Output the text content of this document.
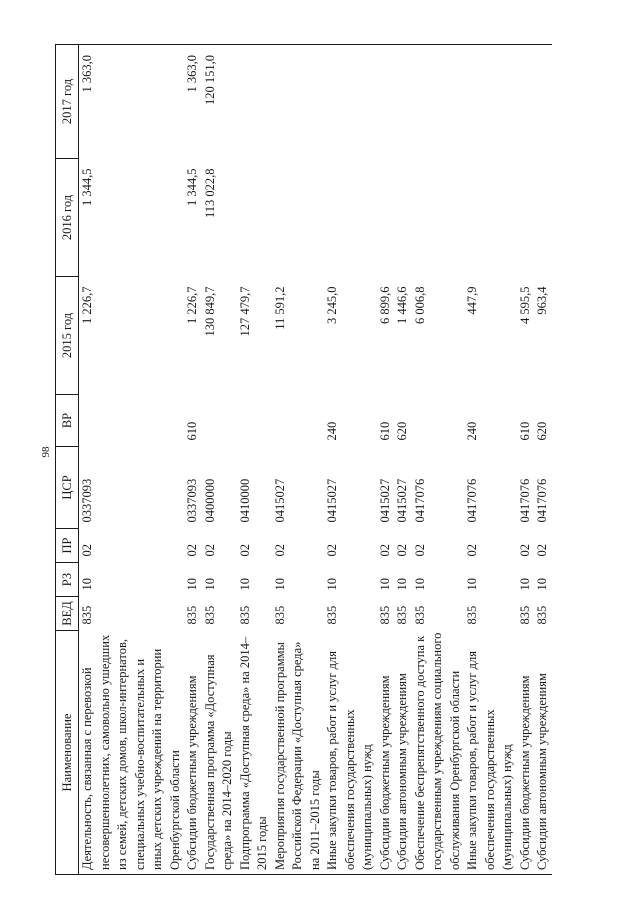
98
Наименование	ВЕД	РЗ	ПР	ЦСР	ВР	2015 год	2016 год	2017 год
Деятельность, связанная с перевозкой несовершеннолетних, самовольно ушедших из семей, детских домов, школ-интернатов, специальных учебно-воспитательных и иных детских учреждений на территории Оренбургской области	835	10	02	0337093		1 226,7	1 344,5	1 363,0
Субсидии бюджетным учреждениям	835	10	02	0337093	610	1 226,7	1 344,5	1 363,0
Государственная программа «Доступная среда» на 2014–2020 годы	835	10	02	0400000		130 849,7	113 022,8	120 151,0
Подпрограмма «Доступная среда» на 2014–2015 годы	835	10	02	0410000		127 479,7		
Мероприятия государственной программы Российской Федерации «Доступная среда» на 2011–2015 годы	835	10	02	0415027		11 591,2		
Иные закупки товаров, работ и услуг для обеспечения государственных (муниципальных) нужд	835	10	02	0415027	240	3 245,0		
Субсидии бюджетным учреждениям	835	10	02	0415027	610	6 899,6		
Субсидии автономным учреждениям	835	10	02	0415027	620	1 446,6		
Обеспечение беспрепятственного доступа к государственным учреждениям социального обслуживания Оренбургской области	835	10	02	0417076		6 006,8		
Иные закупки товаров, работ и услуг для обеспечения государственных (муниципальных) нужд	835	10	02	0417076	240	447,9		
Субсидии бюджетным учреждениям	835	10	02	0417076	610	4 595,5		
Субсидии автономным учреждениям	835	10	02	0417076	620	963,4		
